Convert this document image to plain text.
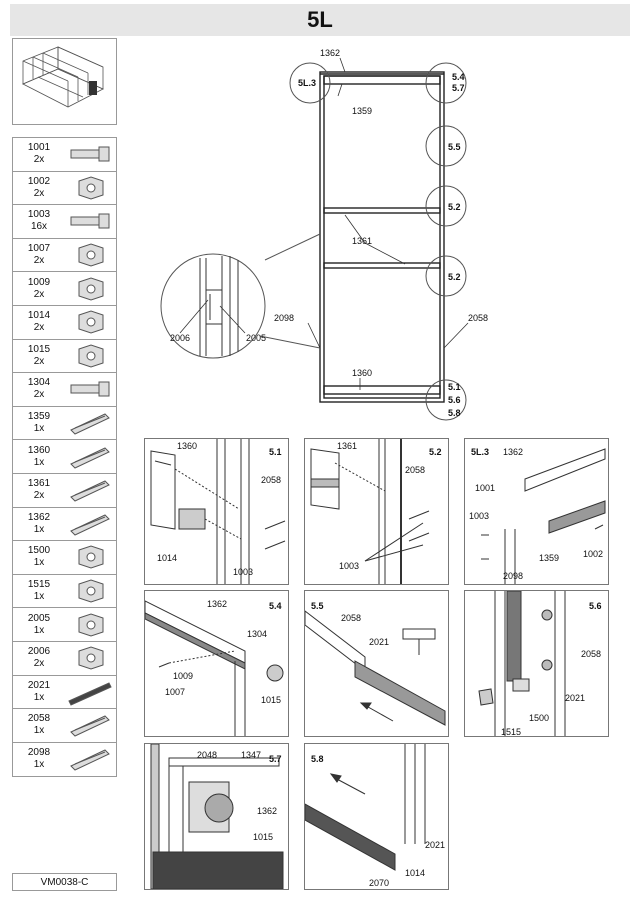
5L
1001
2x
1002
2x
1003
16x
1007
2x
1009
2x
1014
2x
1015
2x
1304
2x
1359
1x
1360
1x
1361
2x
1362
1x
1500
1x
1515
1x
2005
1x
2006
2x
2021
1x
2058
1x
2098
1x
VM0038-C
1362
1359
1361
1360
2098	2058
2006	2005
5L.3
5.4
5.7
5.5
5.2
5.2
5.1
5.6
5.8
5.1
1360
2058
1014
1003
5.2
1361
2058
1003
5L.3 1362
1001
1003
1359
2098
1002
5.4
1362
1304
1009
1007
1015
5.5
2058
2021
5.6
2058
2021
1500
1515
5.7
2048	1347
1362
1015
5.8
2021
1014
2070
